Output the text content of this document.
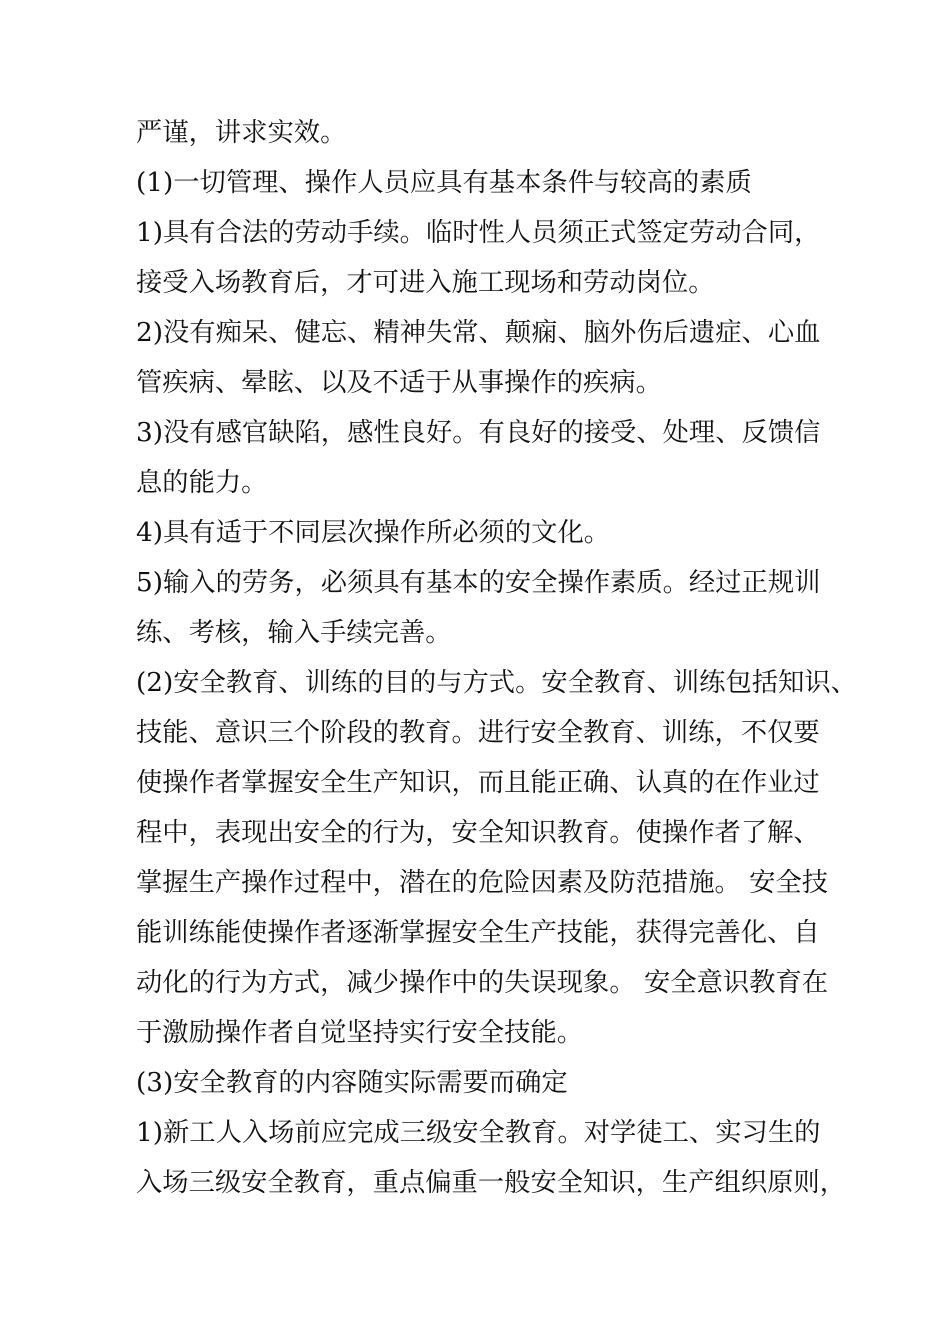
严谨，讲求实效。
(1)一切管理、操作人员应具有基本条件与较高的素质
1)具有合法的劳动手续。临时性人员须正式签定劳动合同，
接受入场教育后，才可进入施工现场和劳动岗位。
2)没有痴呆、健忘、精神失常、颠痫、脑外伤后遗症、心血
管疾病、晕眩、以及不适于从事操作的疾病。
3)没有感官缺陷，感性良好。有良好的接受、处理、反馈信
息的能力。
4)具有适于不同层次操作所必须的文化。
5)输入的劳务，必须具有基本的安全操作素质。经过正规训
练、考核，输入手续完善。
(2)安全教育、训练的目的与方式。安全教育、训练包括知识、
技能、意识三个阶段的教育。进行安全教育、训练，不仅要
使操作者掌握安全生产知识，而且能正确、认真的在作业过
程中，表现出安全的行为，安全知识教育。使操作者了解、
掌握生产操作过程中，潜在的危险因素及防范措施。 安全技
能训练能使操作者逐渐掌握安全生产技能，获得完善化、自
动化的行为方式，减少操作中的失误现象。 安全意识教育在
于激励操作者自觉坚持实行安全技能。
(3)安全教育的内容随实际需要而确定
1)新工人入场前应完成三级安全教育。对学徒工、实习生的
入场三级安全教育，重点偏重一般安全知识，生产组织原则，
